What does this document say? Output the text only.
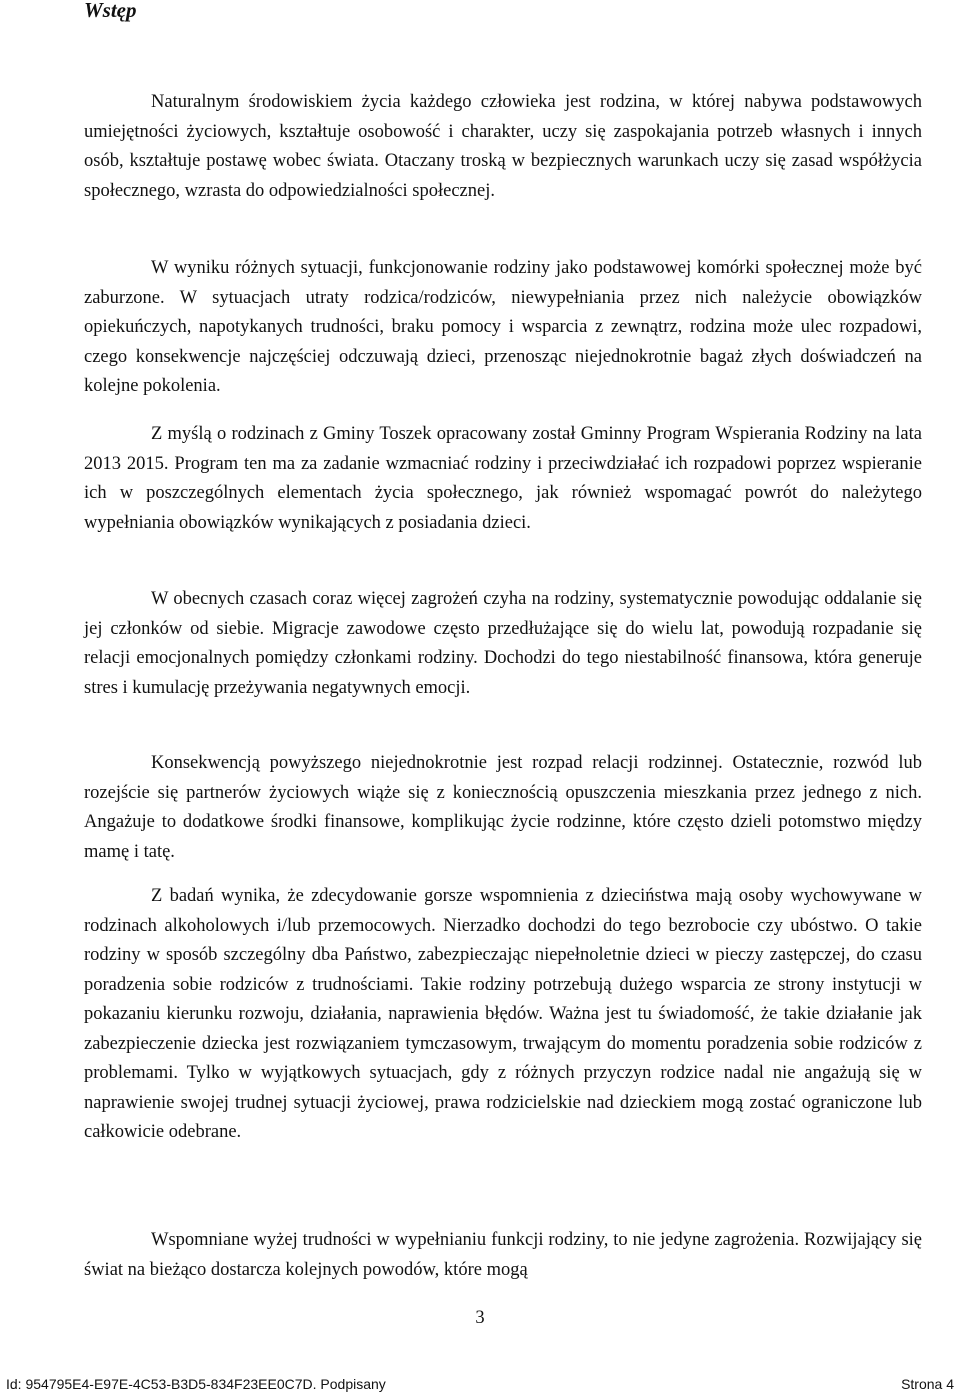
Wstęp

Naturalnym środowiskiem życia każdego człowieka jest rodzina, w której nabywa podstawowych umiejętności życiowych, kształtuje osobowość i charakter, uczy się zaspokajania potrzeb własnych i innych osób, kształtuje postawę wobec świata. Otaczany troską w bezpiecznych warunkach uczy się zasad współżycia społecznego, wzrasta do odpowiedzialności społecznej.

W wyniku różnych sytuacji, funkcjonowanie rodziny jako podstawowej komórki społecznej może być zaburzone. W sytuacjach utraty rodzica/rodziców, niewypełniania przez nich należycie obowiązków opiekuńczych, napotykanych trudności, braku pomocy i wsparcia z zewnątrz, rodzina może ulec rozpadowi, czego konsekwencje najczęściej odczuwają dzieci, przenosząc niejednokrotnie bagaż złych doświadczeń na kolejne pokolenia.

Z myślą o rodzinach z Gminy Toszek opracowany został Gminny Program Wspierania Rodziny na lata 2013 2015. Program ten ma za zadanie wzmacniać rodziny i przeciwdziałać ich rozpadowi poprzez wspieranie ich w poszczególnych elementach życia społecznego, jak również wspomagać powrót do należytego wypełniania obowiązków wynikających z posiadania dzieci.

W obecnych czasach coraz więcej zagrożeń czyha na rodziny, systematycznie powodując oddalanie się jej członków od siebie. Migracje zawodowe często przedłużające się do wielu lat, powodują rozpadanie się relacji emocjonalnych pomiędzy członkami rodziny. Dochodzi do tego niestabilność finansowa, która generuje stres i kumulację przeżywania negatywnych emocji.

Konsekwencją powyższego niejednokrotnie jest rozpad relacji rodzinnej. Ostatecznie, rozwód lub rozejście się partnerów życiowych wiąże się z koniecznością opuszczenia mieszkania przez jednego z nich. Angażuje to dodatkowe środki finansowe, komplikując życie rodzinne, które często dzieli potomstwo między mamę i tatę.

Z badań wynika, że zdecydowanie gorsze wspomnienia z dzieciństwa mają osoby wychowywane w rodzinach alkoholowych i/lub przemocowych. Nierzadko dochodzi do tego bezrobocie czy ubóstwo. O takie rodziny w sposób szczególny dba Państwo, zabezpieczając niepełnoletnie dzieci w pieczy zastępczej, do czasu poradzenia sobie rodziców z trudnościami. Takie rodziny potrzebują dużego wsparcia ze strony instytucji w pokazaniu kierunku rozwoju, działania, naprawienia błędów. Ważna jest tu świadomość, że takie działanie jak zabezpieczenie dziecka jest rozwiązaniem tymczasowym, trwającym do momentu poradzenia sobie rodziców z problemami. Tylko w wyjątkowych sytuacjach, gdy z różnych przyczyn rodzice nadal nie angażują się w naprawienie swojej trudnej sytuacji życiowej, prawa rodzicielskie nad dzieckiem mogą zostać ograniczone lub całkowicie odebrane.

Wspomniane wyżej trudności w wypełnianiu funkcji rodziny, to nie jedyne zagrożenia. Rozwijający się świat na bieżąco dostarcza kolejnych powodów, które mogą

3
Id: 954795E4-E97E-4C53-B3D5-834F23EE0C7D. Podpisany	Strona 4
